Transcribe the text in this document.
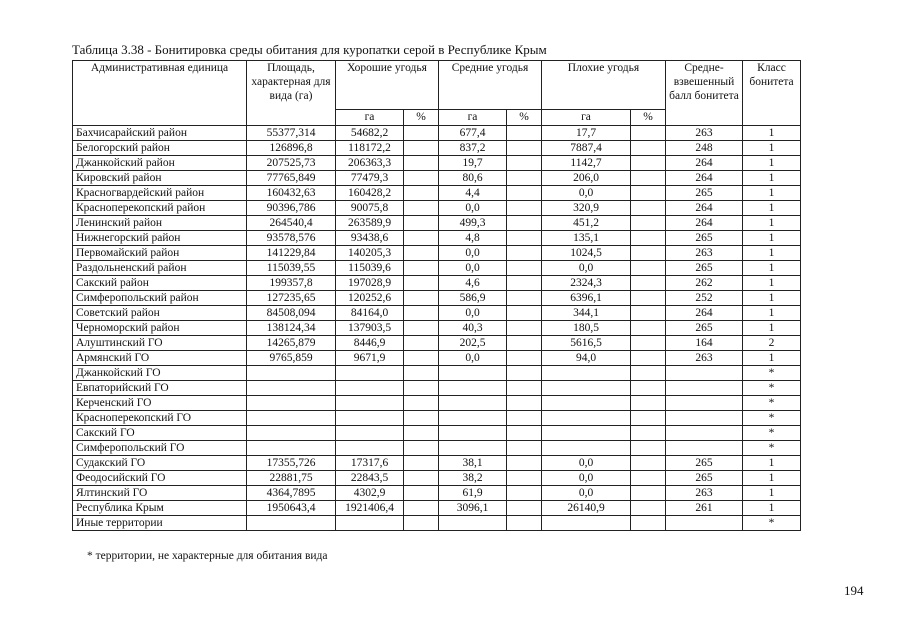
Таблица 3.38 - Бонитировка среды обитания для куропатки серой в Республике Крым
Административная единица	Площадь, характерная для вида (га)	Хорошие угодья		Средние угодья		Плохие угодья		Средне-взвешенный балл бонитета	Класс бонитета
		га	%	га	%	га	%		
Бахчисарайский район	55377,314	54682,2		677,4		17,7		263	1
Белогорский район	126896,8	118172,2		837,2		7887,4		248	1
Джанкойский район	207525,73	206363,3		19,7		1142,7		264	1
Кировский район	77765,849	77479,3		80,6		206,0		264	1
Красногвардейский район	160432,63	160428,2		4,4		0,0		265	1
Красноперекопский район	90396,786	90075,8		0,0		320,9		264	1
Ленинский район	264540,4	263589,9		499,3		451,2		264	1
Нижнегорский район	93578,576	93438,6		4,8		135,1		265	1
Первомайский район	141229,84	140205,3		0,0		1024,5		263	1
Раздольненский район	115039,55	115039,6		0,0		0,0		265	1
Сакский район	199357,8	197028,9		4,6		2324,3		262	1
Симферопольский район	127235,65	120252,6		586,9		6396,1		252	1
Советский район	84508,094	84164,0		0,0		344,1		264	1
Черноморский район	138124,34	137903,5		40,3		180,5		265	1
Алуштинский ГО	14265,879	8446,9		202,5		5616,5		164	2
Армянский ГО	9765,859	9671,9		0,0		94,0		263	1
Джанкойский ГО									*
Евпаторийский ГО									*
Керченский ГО									*
Красноперекопский ГО									*
Сакский ГО									*
Симферопольский ГО									*
Судакский ГО	17355,726	17317,6		38,1		0,0		265	1
Феодосийский ГО	22881,75	22843,5		38,2		0,0		265	1
Ялтинский ГО	4364,7895	4302,9		61,9		0,0		263	1
Республика Крым	1950643,4	1921406,4		3096,1		26140,9		261	1
Иные территории									*
* территории, не характерные для обитания вида
194
